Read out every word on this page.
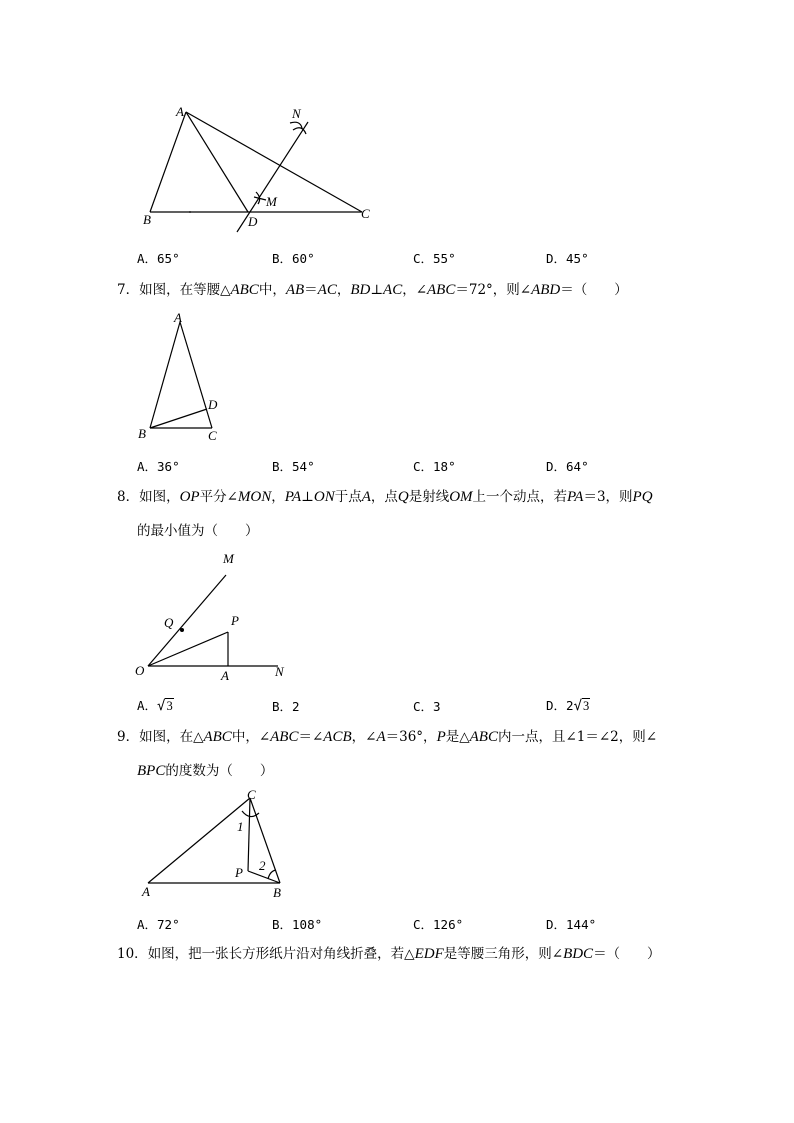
A
B	C
D
M
N
A．65°	B．60°	C．55°	D．45°
7．如图，在等腰△ABC中，AB＝AC，BD⊥AC，∠ABC＝72°，则∠ABD＝（　　）
A
B	C
D
A．36°	B．54°	C．18°	D．64°
8．如图，OP平分∠MON，PA⊥ON于点A，点Q是射线OM上一个动点，若PA＝3，则PQ
的最小值为（　　）
M
Q	P
O	A	N
A．√3	B．2	C．3	D．2√3
9．如图，在△ABC中，∠ABC＝∠ACB，∠A＝36°，P是△ABC内一点，且∠1＝∠2，则∠
BPC的度数为（　　）
C
1
P 2
A	B
A．72°	B．108°	C．126°	D．144°
10．如图，把一张长方形纸片沿对角线折叠，若△EDF是等腰三角形，则∠BDC＝（　　）
